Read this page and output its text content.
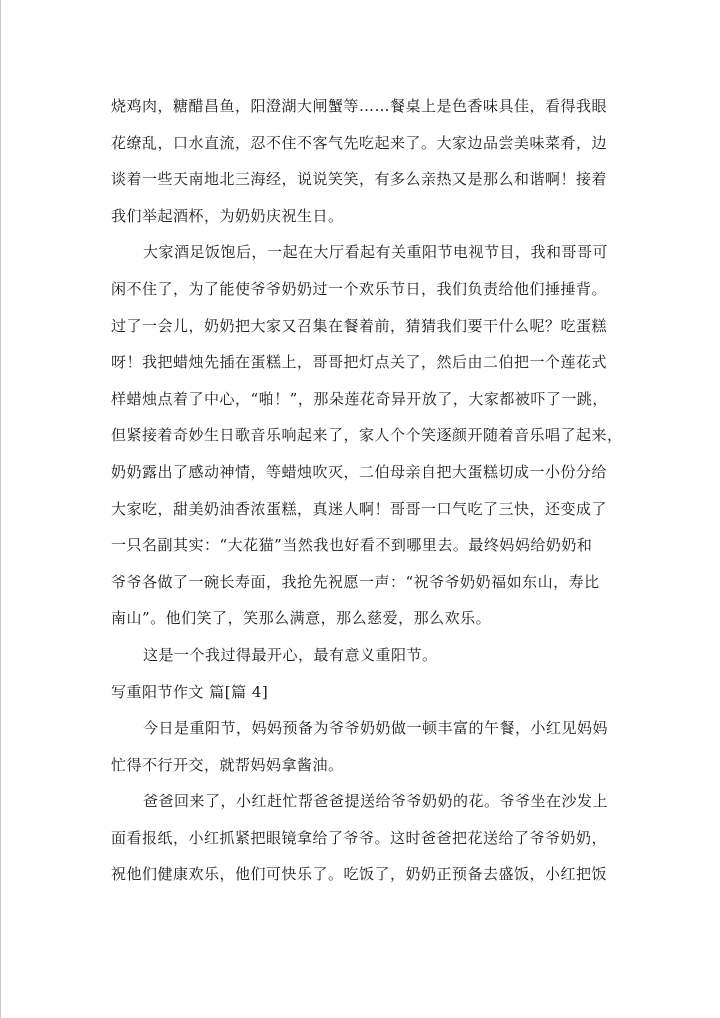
烧鸡肉，糖醋昌鱼，阳澄湖大闸蟹等……餐桌上是色香味具佳，看得我眼
花缭乱，口水直流，忍不住不客气先吃起来了。大家边品尝美味菜肴，边
谈着一些天南地北三海经，说说笑笑，有多么亲热又是那么和谐啊！接着
我们举起酒杯，为奶奶庆祝生日。

大家酒足饭饱后，一起在大厅看起有关重阳节电视节目，我和哥哥可
闲不住了，为了能使爷爷奶奶过一个欢乐节日，我们负责给他们捶捶背。
过了一会儿，奶奶把大家又召集在餐着前，猜猜我们要干什么呢？吃蛋糕
呀！我把蜡烛先插在蛋糕上，哥哥把灯点关了，然后由二伯把一个莲花式
样蜡烛点着了中心，“啪！”，那朵莲花奇异开放了，大家都被吓了一跳，
但紧接着奇妙生日歌音乐响起来了，家人个个笑逐颜开随着音乐唱了起来，
奶奶露出了感动神情，等蜡烛吹灭，二伯母亲自把大蛋糕切成一小份分给
大家吃，甜美奶油香浓蛋糕，真迷人啊！哥哥一口气吃了三快，还变成了
一只名副其实：“大花猫”当然我也好看不到哪里去。最终妈妈给奶奶和
爷爷各做了一碗长寿面，我抢先祝愿一声：“祝爷爷奶奶福如东山，寿比
南山”。他们笑了，笑那么满意，那么慈爱，那么欢乐。

这是一个我过得最开心，最有意义重阳节。

写重阳节作文 篇[篇 4]

今日是重阳节，妈妈预备为爷爷奶奶做一顿丰富的午餐，小红见妈妈
忙得不行开交，就帮妈妈拿酱油。

爸爸回来了，小红赶忙帮爸爸提送给爷爷奶奶的花。爷爷坐在沙发上
面看报纸，小红抓紧把眼镜拿给了爷爷。这时爸爸把花送给了爷爷奶奶，
祝他们健康欢乐，他们可快乐了。吃饭了，奶奶正预备去盛饭，小红把饭
